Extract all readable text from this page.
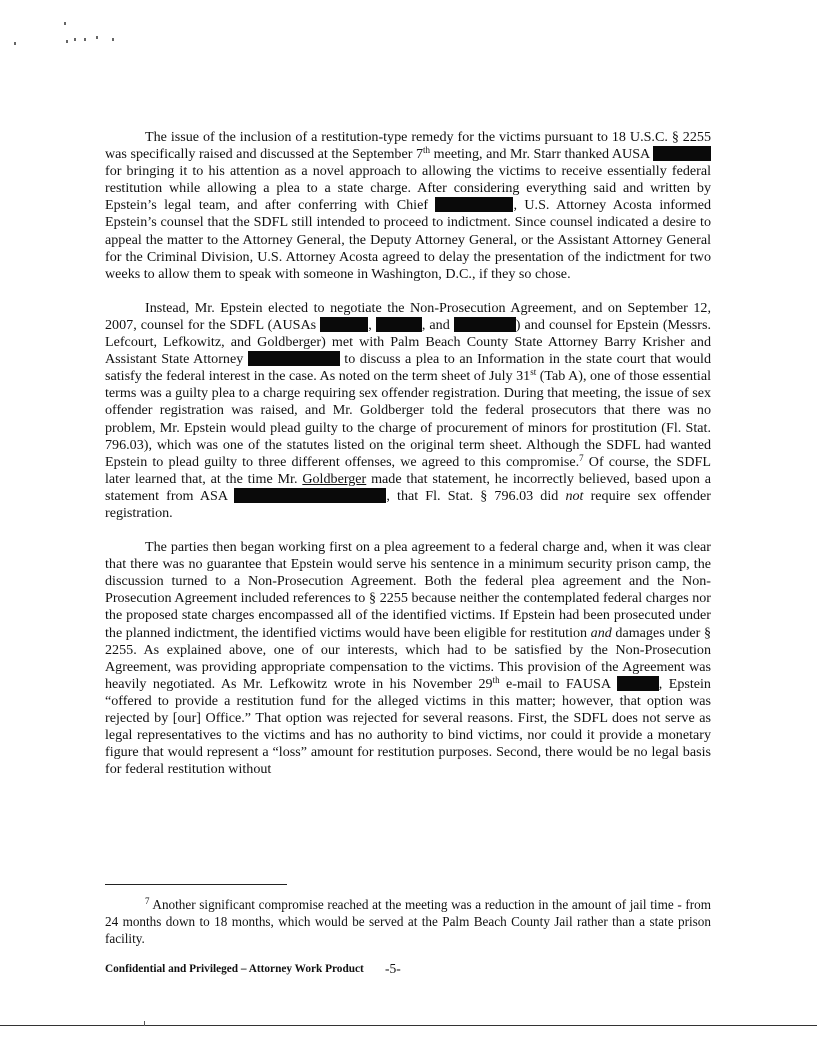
The issue of the inclusion of a restitution-type remedy for the victims pursuant to 18 U.S.C. § 2255 was specifically raised and discussed at the September 7th meeting, and Mr. Starr thanked AUSA  for bringing it to his attention as a novel approach to allowing the victims to receive essentially federal restitution while allowing a plea to a state charge. After considering everything said and written by Epstein’s legal team, and after conferring with Chief	, U.S. Attorney Acosta informed Epstein’s counsel that the SDFL still intended to proceed to indictment. Since counsel indicated a desire to appeal the matter to the Attorney General, the Deputy Attorney General, or the Assistant Attorney General for the Criminal Division, U.S. Attorney Acosta agreed to delay the presentation of the indictment for two weeks to allow them to speak with someone in Washington, D.C., if they so chose.

Instead, Mr. Epstein elected to negotiate the Non-Prosecution Agreement, and on September 12, 2007, counsel for the SDFL (AUSAs	,	, and	) and counsel for Epstein (Messrs. Lefcourt, Lefkowitz, and Goldberger) met with Palm Beach County State Attorney Barry Krisher and Assistant State Attorney	to discuss a plea to an Information in the state court that would satisfy the federal interest in the case. As noted on the term sheet of July 31st (Tab A), one of those essential terms was a guilty plea to a charge requiring sex offender registration. During that meeting, the issue of sex offender registration was raised, and Mr. Goldberger told the federal prosecutors that there was no problem, Mr. Epstein would plead guilty to the charge of procurement of minors for prostitution (Fl. Stat. 796.03), which was one of the statutes listed on the original term sheet. Although the SDFL had wanted Epstein to plead guilty to three different offenses, we agreed to this compromise.$^7$ Of course, the SDFL later learned that, at the time Mr. Goldberger made that statement, he incorrectly believed, based upon a statement from ASA	, that Fl. Stat. § 796.03 did not require sex offender registration.

The parties then began working first on a plea agreement to a federal charge and, when it was clear that there was no guarantee that Epstein would serve his sentence in a minimum security prison camp, the discussion turned to a Non-Prosecution Agreement. Both the federal plea agreement and the Non-Prosecution Agreement included references to § 2255 because neither the contemplated federal charges nor the proposed state charges encompassed all of the identified victims. If Epstein had been prosecuted under the planned indictment, the identified victims would have been eligible for restitution and damages under § 2255. As explained above, one of our interests, which had to be satisfied by the Non-Prosecution Agreement, was providing appropriate compensation to the victims. This provision of the Agreement was heavily negotiated. As Mr. Lefkowitz wrote in his November 29th e-mail to FAUSA	, Epstein “offered to provide a restitution fund for the alleged victims in this matter; however, that option was rejected by [our] Office.” That option was rejected for several reasons. First, the SDFL does not serve as legal representatives to the victims and has no authority to bind victims, nor could it provide a monetary figure that would represent a “loss” amount for restitution purposes. Second, there would be no legal basis for federal restitution without

$^7$ Another significant compromise reached at the meeting was a reduction in the amount of jail time - from 24 months down to 18 months, which would be served at the Palm Beach County Jail rather than a state prison facility.
Confidential and Privileged – Attorney Work Product -5-
